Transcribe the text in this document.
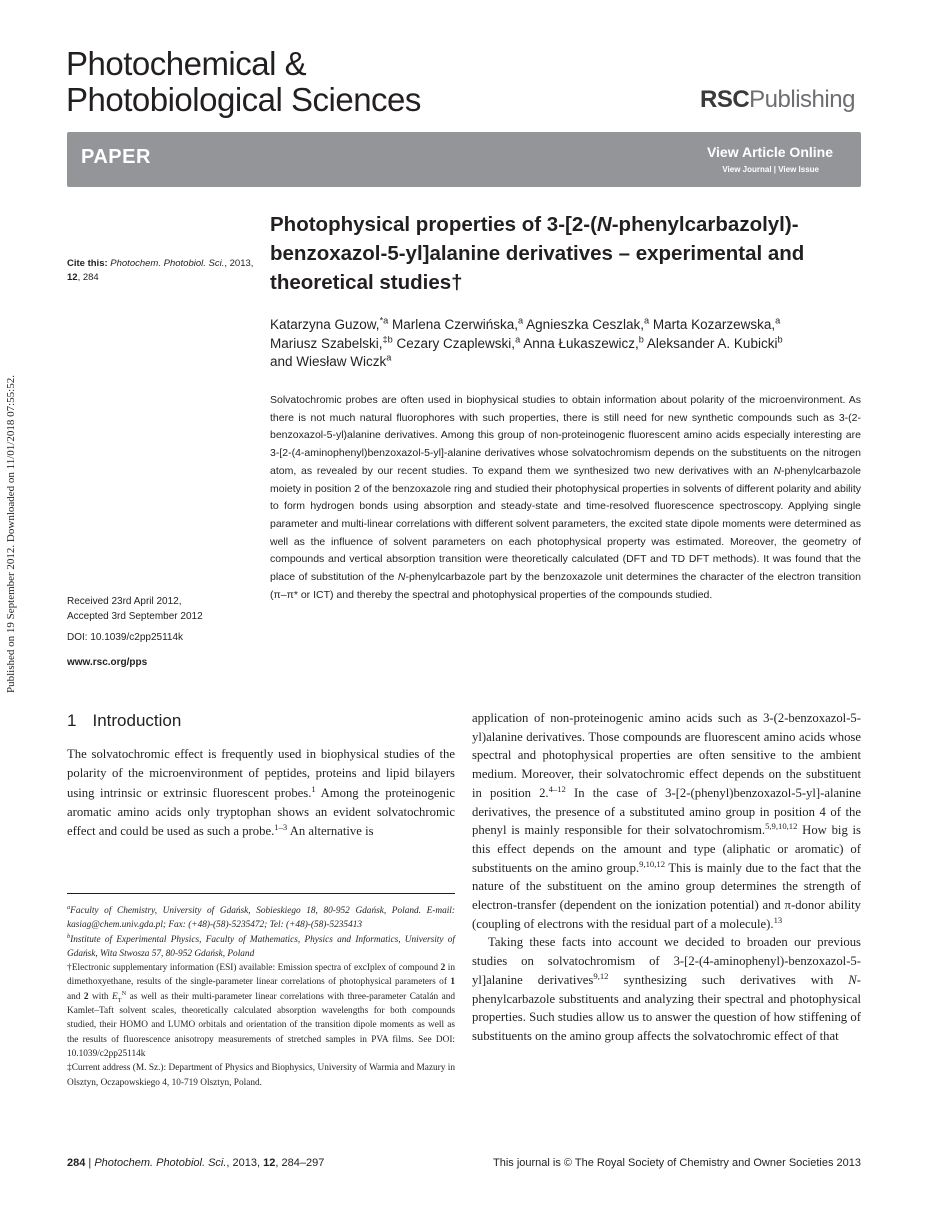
Photochemical &
Photobiological Sciences	RSCPublishing
PAPER	View Article Online
View Journal | View Issue
Published on 19 September 2012. Downloaded on 11/01/2018 07:55:52.
Cite this: Photochem. Photobiol. Sci., 2013,
12, 284
Received 23rd April 2012,
Accepted 3rd September 2012
DOI: 10.1039/c2pp25114k
www.rsc.org/pps
Photophysical properties of 3-[2-(N-phenylcarbazolyl)-benzoxazol-5-yl]alanine derivatives – experimental and theoretical studies†
Katarzyna Guzow,$^{*a}$ Marlena Czerwińska,$^a$ Agnieszka Ceszlak,$^a$ Marta Kozarzewska,$^a$
Mariusz Szabelski,$^{\ddagger b}$ Cezary Czaplewski,$^a$ Anna Łukaszewicz,$^b$ Aleksander A. Kubicki$^b$
and Wiesław Wiczk$^a$
Solvatochromic probes are often used in biophysical studies to obtain information about polarity of the microenvironment. As there is not much natural fluorophores with such properties, there is still need for new synthetic compounds such as 3-(2-benzoxazol-5-yl)alanine derivatives. Among this group of non-proteinogenic fluorescent amino acids especially interesting are 3-[2-(4-aminophenyl)benzoxazol-5-yl]-alanine derivatives whose solvatochromism depends on the substituents on the nitrogen atom, as revealed by our recent studies. To expand them we synthesized two new derivatives with an N-phenylcarbazole moiety in position 2 of the benzoxazole ring and studied their photophysical properties in solvents of different polarity and ability to form hydrogen bonds using absorption and steady-state and time-resolved fluorescence spectroscopy. Applying single parameter and multi-linear correlations with different solvent parameters, the excited state dipole moments were determined as well as the influence of solvent parameters on each photophysical property was estimated. Moreover, the geometry of compounds and vertical absorption transition were theoretically calculated (DFT and TD DFT methods). It was found that the place of substitution of the N-phenylcarbazole part by the benzoxazole unit determines the character of the electron transition (π–π* or ICT) and thereby the spectral and photophysical properties of the compounds studied.
1 Introduction
The solvatochromic effect is frequently used in biophysical studies of the polarity of the microenvironment of peptides, proteins and lipid bilayers using intrinsic or extrinsic fluorescent probes.$^1$ Among the proteinogenic aromatic amino acids only tryptophan shows an evident solvatochromic effect and could be used as such a probe.$^{1-3}$ An alternative is

$^a$Faculty of Chemistry, University of Gdańsk, Sobieskiego 18, 80-952 Gdańsk, Poland. E-mail: kasiag@chem.univ.gda.pl; Fax: (+48)-(58)-5235472; Tel: (+48)-(58)-5235413

$^b$Institute of Experimental Physics, Faculty of Mathematics, Physics and Informatics, University of Gdańsk, Wita Stwosza 57, 80-952 Gdańsk, Poland

†Electronic supplementary information (ESI) available: Emission spectra of excIplex of compound 2 in dimethoxyethane, results of the single-parameter linear correlations of photophysical parameters of 1 and 2 with $E_T^N$ as well as their multi-parameter linear correlations with three-parameter Catalán and Kamlet–Taft solvent scales, theoretically calculated absorption wavelengths for both compounds studied, their HOMO and LUMO orbitals and orientation of the transition dipole moments as well as the results of fluorescence anisotropy measurements of stretched samples in PVA films. See DOI: 10.1039/c2pp25114k

‡Current address (M. Sz.): Department of Physics and Biophysics, University of Warmia and Mazury in Olsztyn, Oczapowskiego 4, 10-719 Olsztyn, Poland.

application of non-proteinogenic amino acids such as 3-(2-benzoxazol-5-yl)alanine derivatives. Those compounds are fluorescent amino acids whose spectral and photophysical properties are often sensitive to the ambient medium. Moreover, their solvatochromic effect depends on the substituent in position 2.$^{4-12}$ In the case of 3-[2-(phenyl)benzoxazol-5-yl]-alanine derivatives, the presence of a substituted amino group in position 4 of the phenyl is mainly responsible for their solvatochromism.$^{5,9,10,12}$ How big is this effect depends on the amount and type (aliphatic or aromatic) of substituents on the amino group.$^{9,10,12}$ This is mainly due to the fact that the nature of the substituent on the amino group determines the strength of electron-transfer (dependent on the ionization potential) and π-donor ability (coupling of electrons with the residual part of a molecule).$^{13}$

Taking these facts into account we decided to broaden our previous studies on solvatochromism of 3-[2-(4-aminophenyl)-benzoxazol-5-yl]alanine derivatives$^{9,12}$ synthesizing such derivatives with N-phenylcarbazole substituents and analyzing their spectral and photophysical properties. Such studies allow us to answer the question of how stiffening of substituents on the amino group affects the solvatochromic effect of that

284 | Photochem. Photobiol. Sci., 2013, 12, 284–297	This journal is © The Royal Society of Chemistry and Owner Societies 2013
